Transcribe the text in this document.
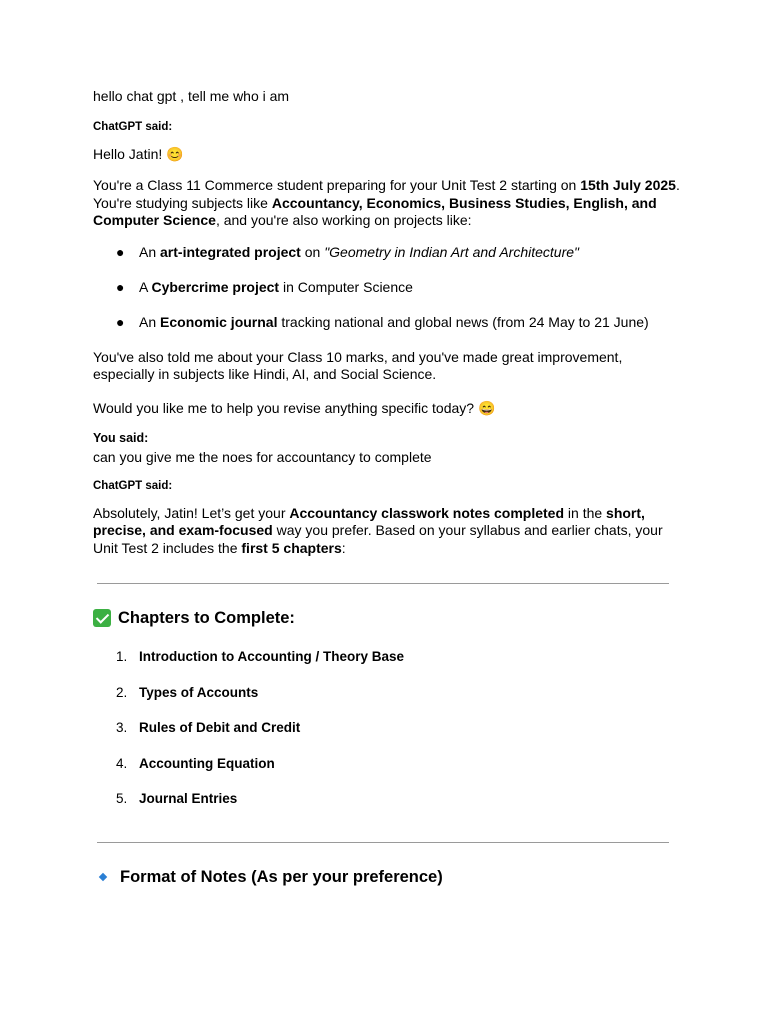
hello chat gpt , tell me who i am

ChatGPT said:

Hello Jatin! 😊

You're a Class 11 Commerce student preparing for your Unit Test 2 starting on 15th July 2025. You're studying subjects like Accountancy, Economics, Business Studies, English, and Computer Science, and you're also working on projects like:

● An art-integrated project on "Geometry in Indian Art and Architecture"
● A Cybercrime project in Computer Science
● An Economic journal tracking national and global news (from 24 May to 21 June)

You've also told me about your Class 10 marks, and you've made great improvement, especially in subjects like Hindi, AI, and Social Science.

Would you like me to help you revise anything specific today? 😄

You said:

can you give me the noes for accountancy to complete

ChatGPT said:

Absolutely, Jatin! Let’s get your Accountancy classwork notes completed in the short, precise, and exam-focused way you prefer. Based on your syllabus and earlier chats, your Unit Test 2 includes the first 5 chapters:

Chapters to Complete:
1. Introduction to Accounting / Theory Base
2. Types of Accounts
3. Rules of Debit and Credit
4. Accounting Equation
5. Journal Entries
Format of Notes (As per your preference)
